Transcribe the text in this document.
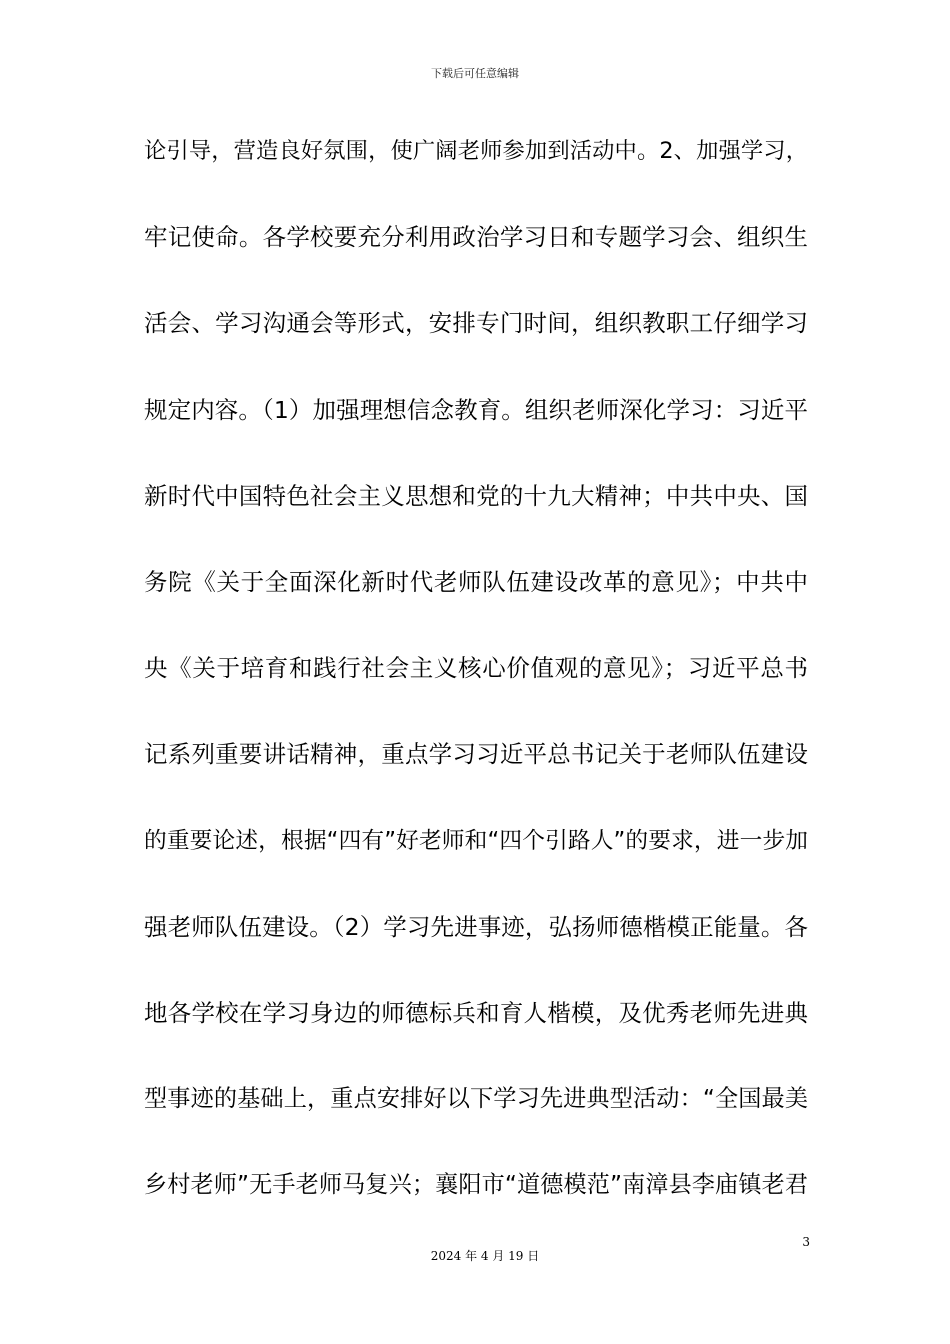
下载后可任意编辑
论引导，营造良好氛围，使广阔老师参加到活动中。2、加强学习，
牢记使命。各学校要充分利用政治学习日和专题学习会、组织生
活会、学习沟通会等形式，安排专门时间，组织教职工仔细学习
规定内容。（1）加强理想信念教育。组织老师深化学习：习近平
新时代中国特色社会主义思想和党的十九大精神；中共中央、国
务院《关于全面深化新时代老师队伍建设改革的意见》；中共中
央《关于培育和践行社会主义核心价值观的意见》；习近平总书
记系列重要讲话精神，重点学习习近平总书记关于老师队伍建设
的重要论述，根据“四有”好老师和“四个引路人”的要求，进一步加
强老师队伍建设。（2）学习先进事迹，弘扬师德楷模正能量。各
地各学校在学习身边的师德标兵和育人楷模，及优秀老师先进典
型事迹的基础上，重点安排好以下学习先进典型活动：“全国最美
乡村老师”无手老师马复兴；襄阳市“道德模范”南漳县李庙镇老君
3
2024 年 4 月 19 日
